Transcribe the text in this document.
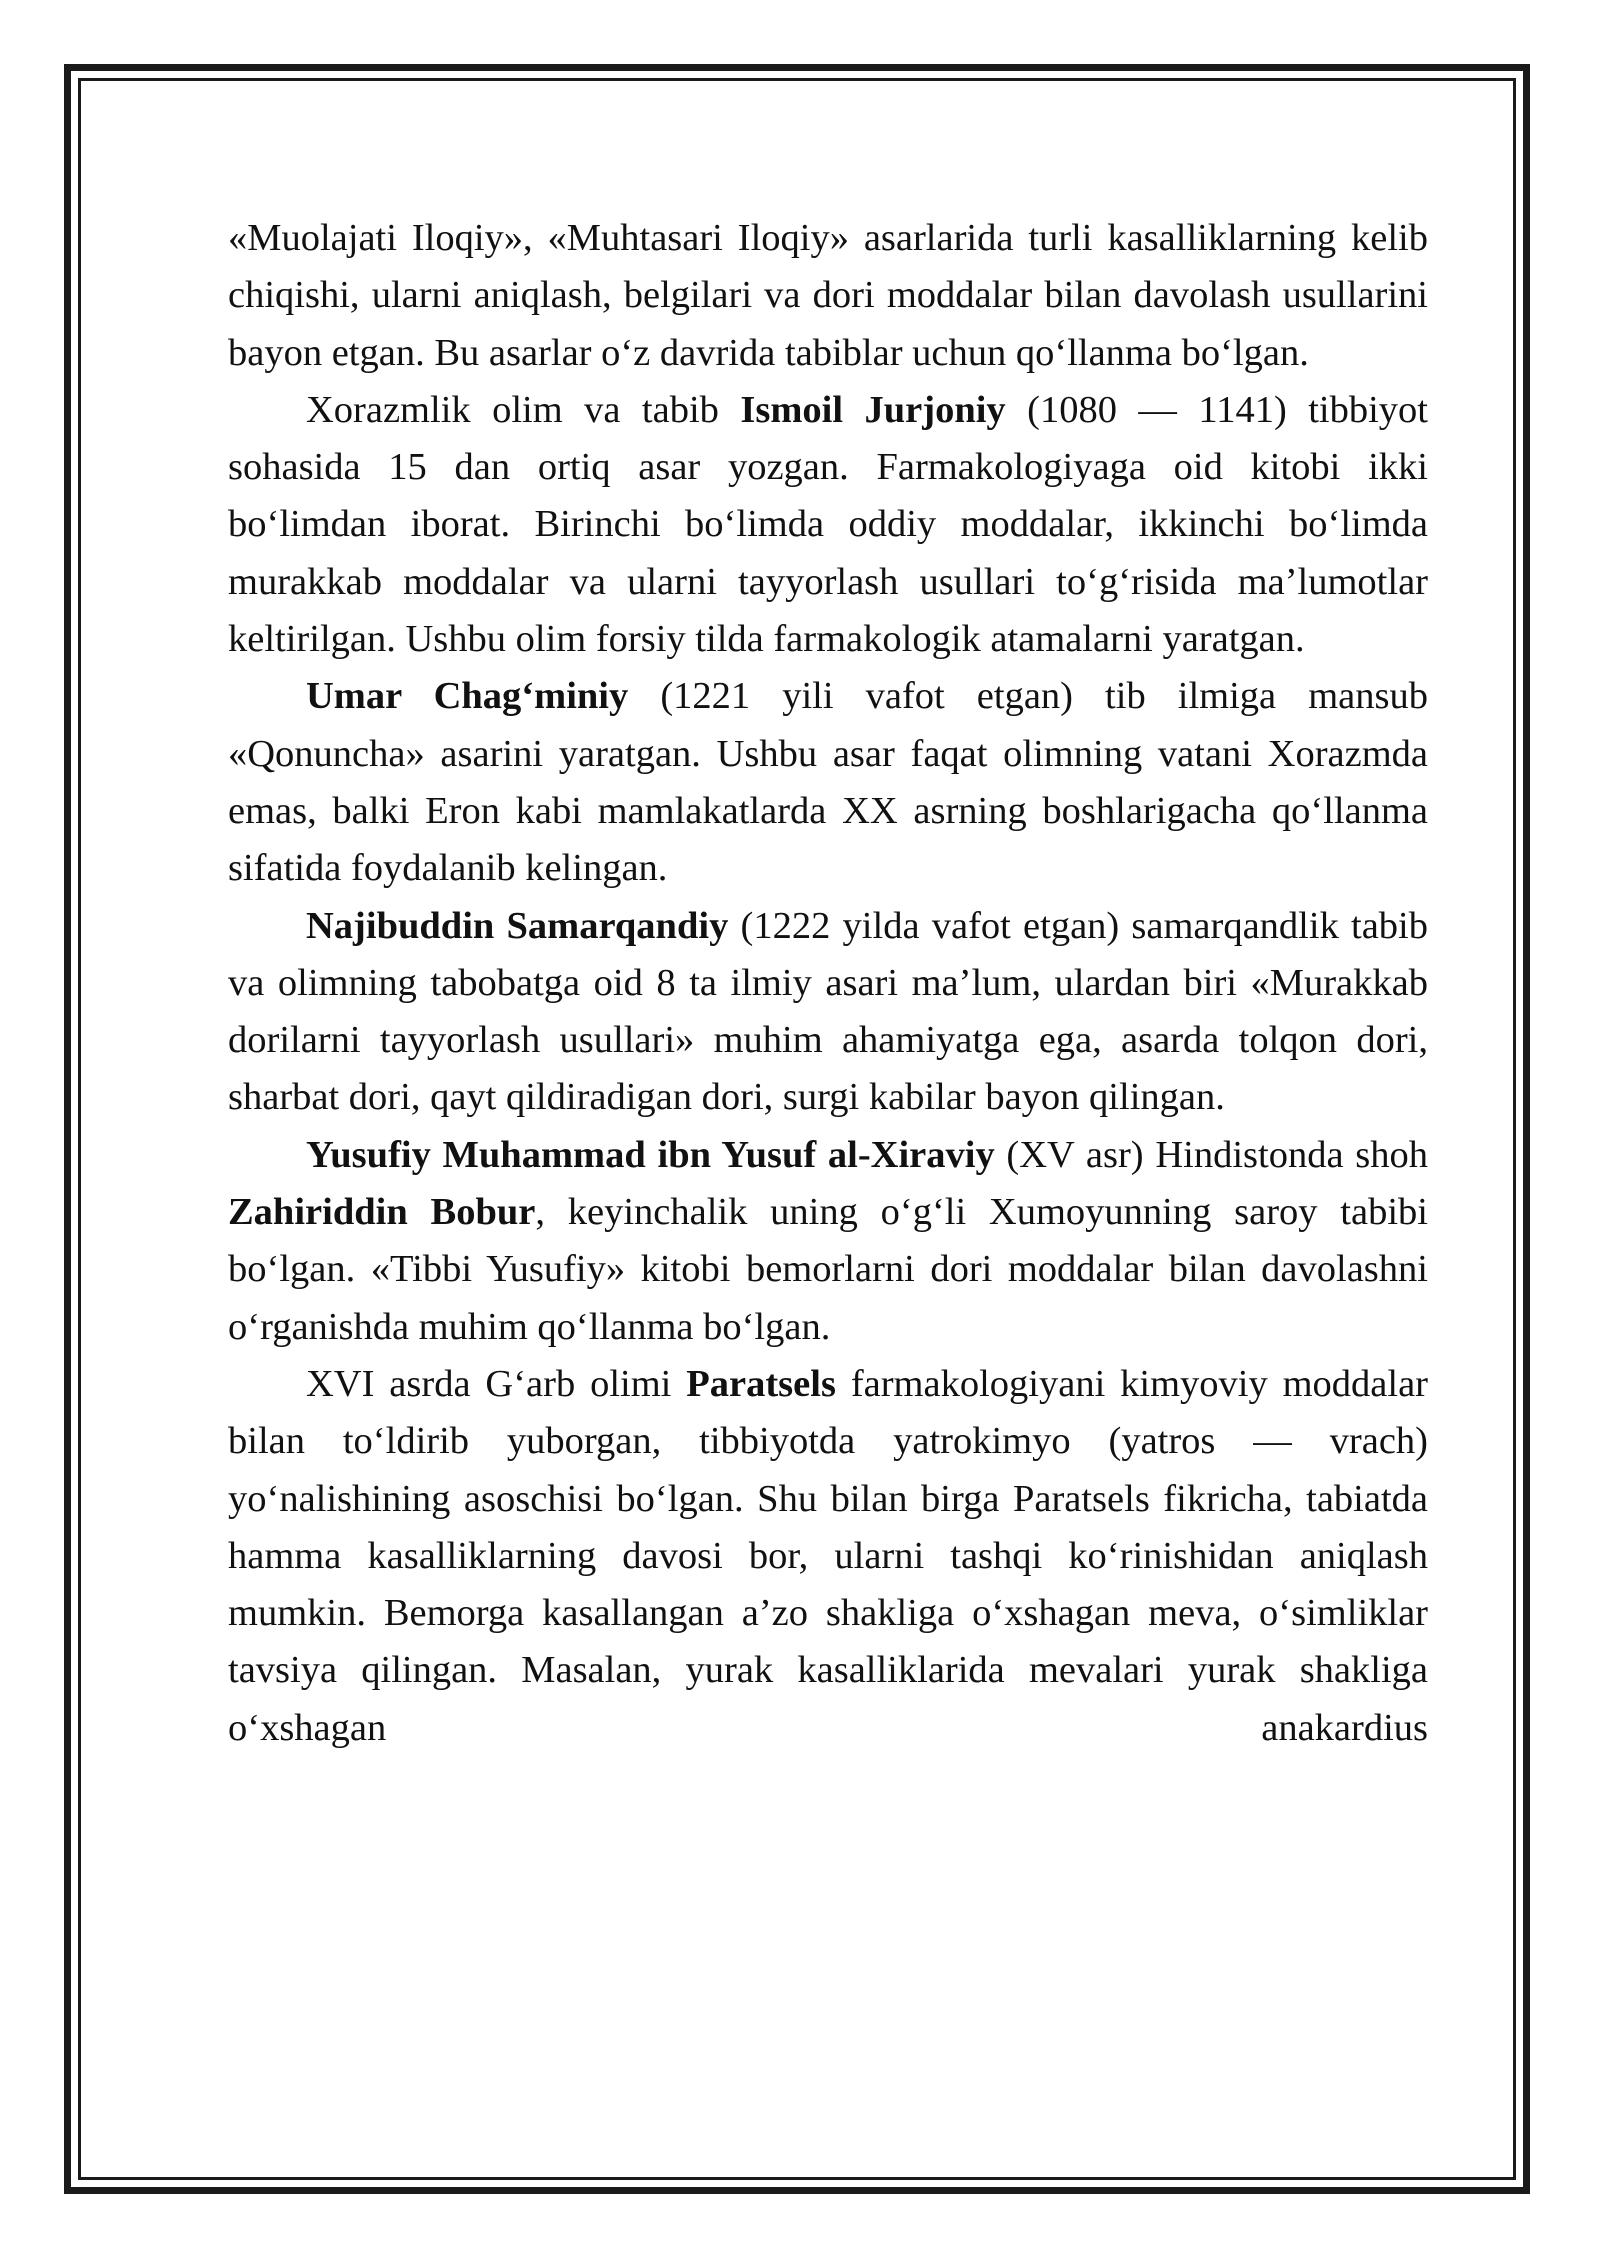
«Muolajati Iloqiy», «Muhtasari Iloqiy» asarlarida turli kasalliklarning kelib chiqishi, ularni aniqlash, belgilari va dori moddalar bilan davolash usullarini bayon etgan. Bu asarlar oʻz davrida tabiblar uchun qoʻllanma boʻlgan.

Xorazmlik olim va tabib Ismoil Jurjoniy (1080 — 1141) tibbiyot sohasida 15 dan ortiq asar yozgan. Farmakologiyaga oid kitobi ikki boʻlimdan iborat. Birinchi boʻlimda oddiy moddalar, ikkinchi boʻlimda murakkab moddalar va ularni tayyorlash usullari toʻgʻrisida ma’lumotlar keltirilgan. Ushbu olim forsiy tilda farmakologik atamalarni yaratgan.

Umar Chagʻminiy (1221 yili vafot etgan) tib ilmiga mansub «Qonuncha» asarini yaratgan. Ushbu asar faqat olimning vatani Xorazmda emas, balki Eron kabi mamlakatlarda XX asrning boshlarigacha qoʻllanma sifatida foydalanib kelingan.

Najibuddin Samarqandiy (1222 yilda vafot etgan) samarqandlik tabib va olimning tabobatga oid 8 ta ilmiy asari ma’lum, ulardan biri «Murakkab dorilarni tayyorlash usullari» muhim ahamiyatga ega, asarda tolqon dori, sharbat dori, qayt qildiradigan dori, surgi kabilar bayon qilingan.

Yusufiy Muhammad ibn Yusuf al-Xiraviy (XV asr) Hindistonda shoh Zahiriddin Bobur, keyinchalik uning oʻgʻli Xumoyunning saroy tabibi boʻlgan. «Tibbi Yusufiy» kitobi bemorlarni dori moddalar bilan davolashni oʻrganishda muhim qoʻllanma boʻlgan.

XVI asrda Gʻarb olimi Paratsels farmakologiyani kimyoviy moddalar bilan toʻldirib yuborgan, tibbiyotda yatrokimyo (yatros — vrach) yoʻnalishining asoschisi boʻlgan. Shu bilan birga Paratsels fikricha, tabiatda hamma kasalliklarning davosi bor, ularni tashqi koʻrinishidan aniqlash mumkin. Bemorga kasallangan a’zo shakliga oʻxshagan meva, oʻsimliklar tavsiya qilingan. Masalan, yurak kasalliklarida mevalari yurak shakliga oʻxshagan anakardius
